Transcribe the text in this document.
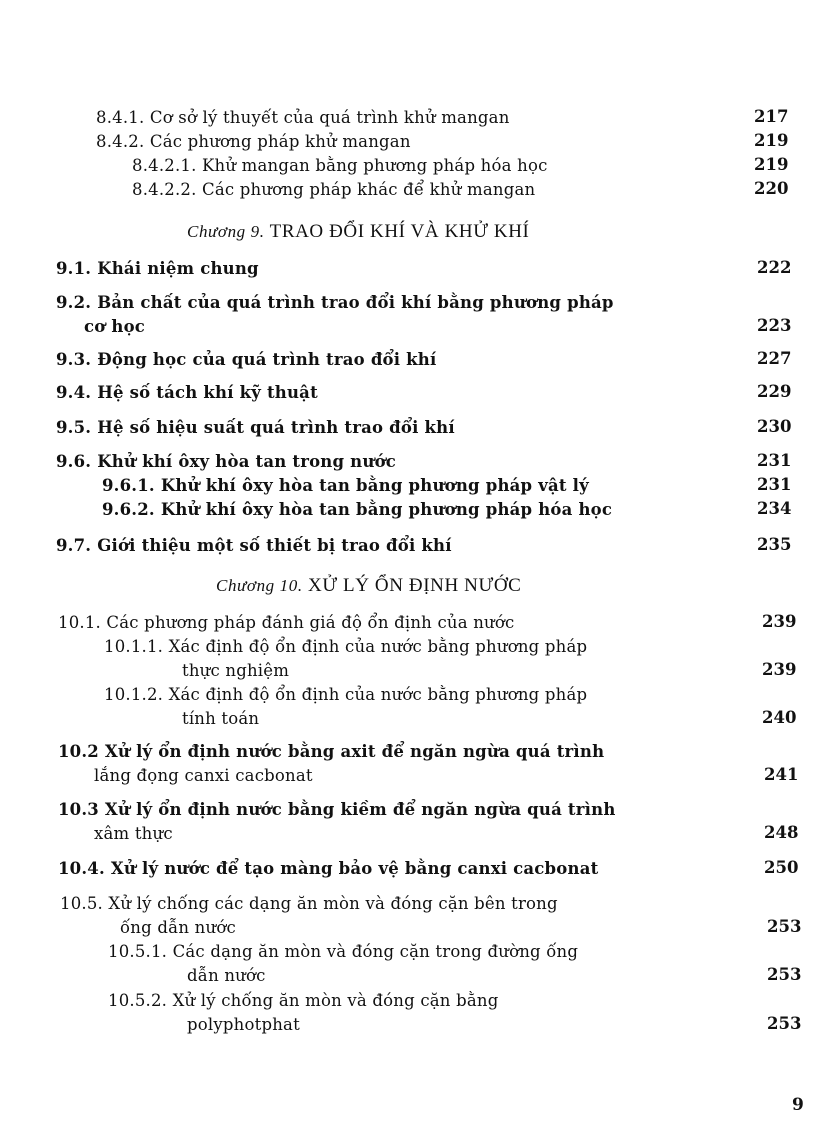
8.4.1. Cơ sở lý thuyết của quá trình khử mangan	217
8.4.2. Các phương pháp khử mangan	219
8.4.2.1. Khử mangan bằng phương pháp hóa học	219
8.4.2.2. Các phương pháp khác để khử mangan	220
Chương 9. TRAO ĐỔI KHÍ VÀ KHỬ KHÍ
9.1. Khái niệm chung	222
9.2. Bản chất của quá trình trao đổi khí bằng phương pháp
cơ học	223
9.3. Động học của quá trình trao đổi khí	227
9.4. Hệ số tách khí kỹ thuật	229
9.5. Hệ số hiệu suất quá trình trao đổi khí	230
9.6. Khử khí ôxy hòa tan trong nước	231
9.6.1. Khử khí ôxy hòa tan bằng phương pháp vật lý	231
9.6.2. Khử khí ôxy hòa tan bằng phương pháp hóa học	234
9.7. Giới thiệu một số thiết bị trao đổi khí	235
Chương 10. XỬ LÝ ỔN ĐỊNH NƯỚC
10.1. Các phương pháp đánh giá độ ổn định của nước	239
10.1.1. Xác định độ ổn định của nước bằng phương pháp
thực nghiệm	239
10.1.2. Xác định độ ổn định của nước bằng phương pháp
tính toán	240
10.2 Xử lý ổn định nước bằng axit để ngăn ngừa quá trình
lắng đọng canxi cacbonat	241
10.3 Xử lý ổn định nước bằng kiềm để ngăn ngừa quá trình
xâm thực	248
10.4. Xử lý nước để tạo màng bảo vệ bằng canxi cacbonat	250
10.5. Xử lý chống các dạng ăn mòn và đóng cặn bên trong
ống dẫn nước	253
10.5.1. Các dạng ăn mòn và đóng cặn trong đường ống
dẫn nước	253
10.5.2. Xử lý chống ăn mòn và đóng cặn bằng
polyphotphat	253
9
